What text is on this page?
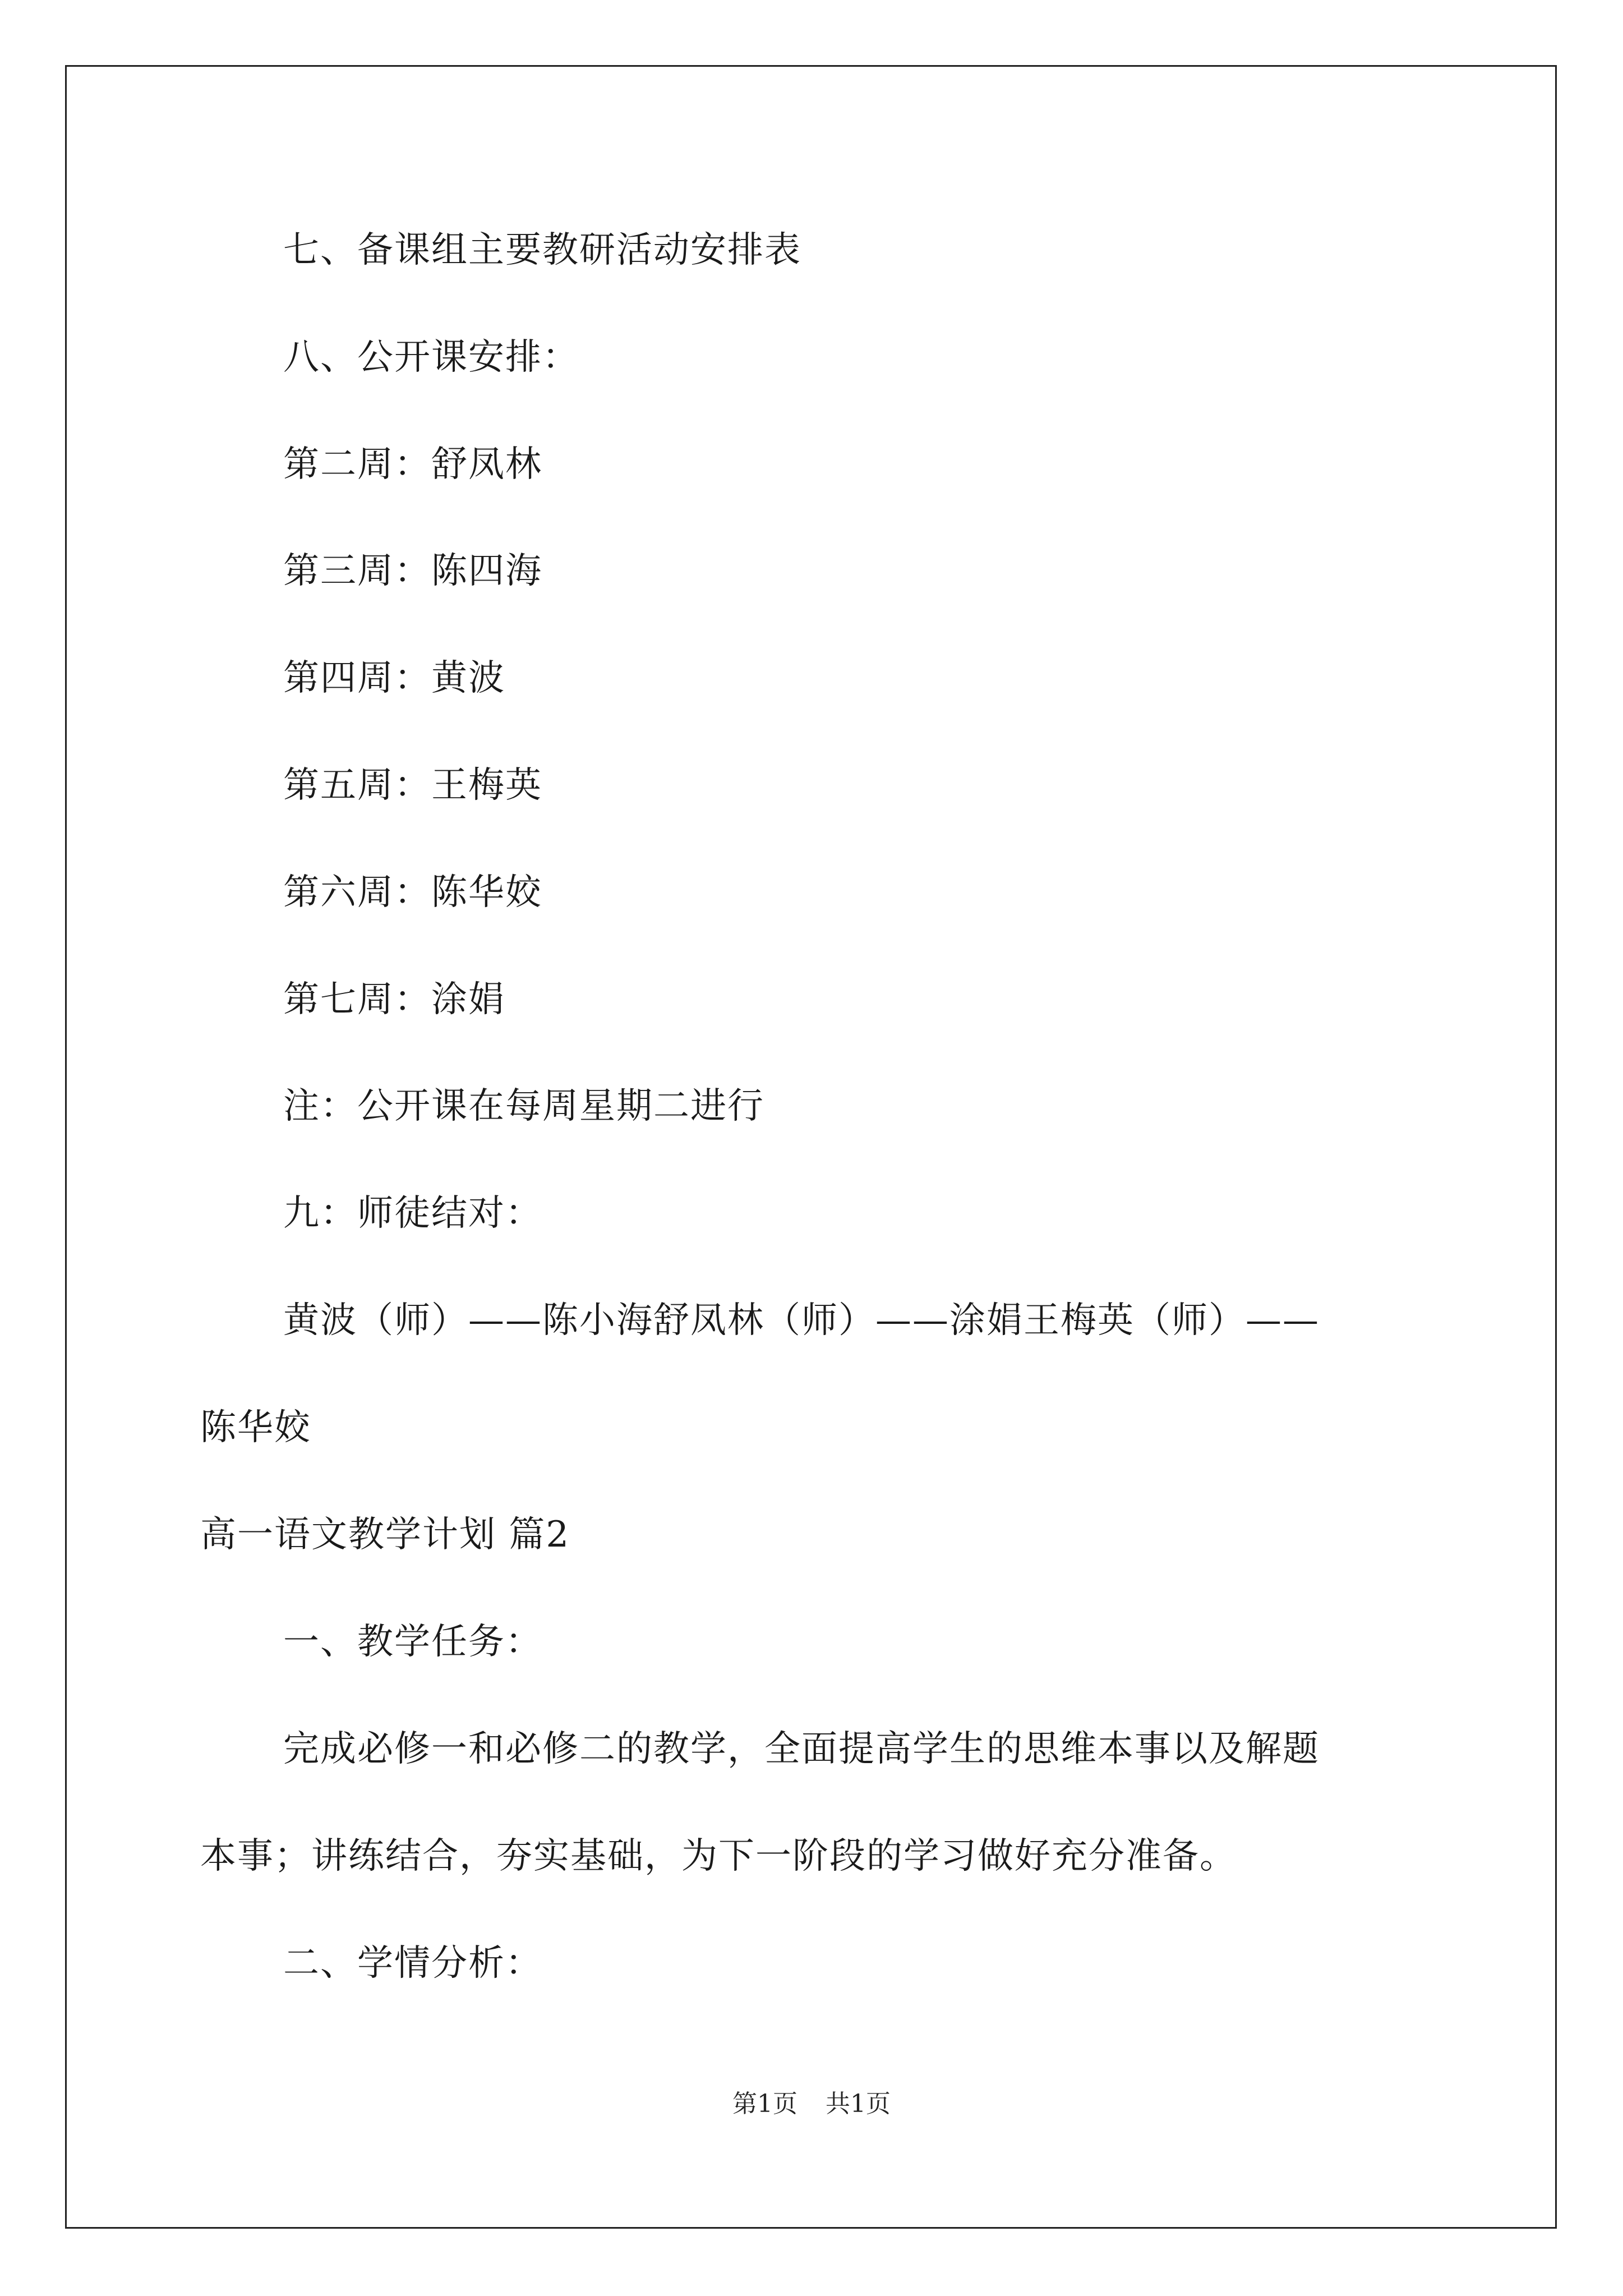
七、备课组主要教研活动安排表
八、公开课安排：
第二周：舒凤林
第三周：陈四海
第四周：黄波
第五周：王梅英
第六周：陈华姣
第七周：涂娟
注：公开课在每周星期二进行
九：师徒结对：
黄波（师）——陈小海舒凤林（师）——涂娟王梅英（师）——
陈华姣
高一语文教学计划 篇2
一、教学任务：
完成必修一和必修二的教学，全面提高学生的思维本事以及解题
本事；讲练结合，夯实基础，为下一阶段的学习做好充分准备。
二、学情分析：
第1页 共1页
